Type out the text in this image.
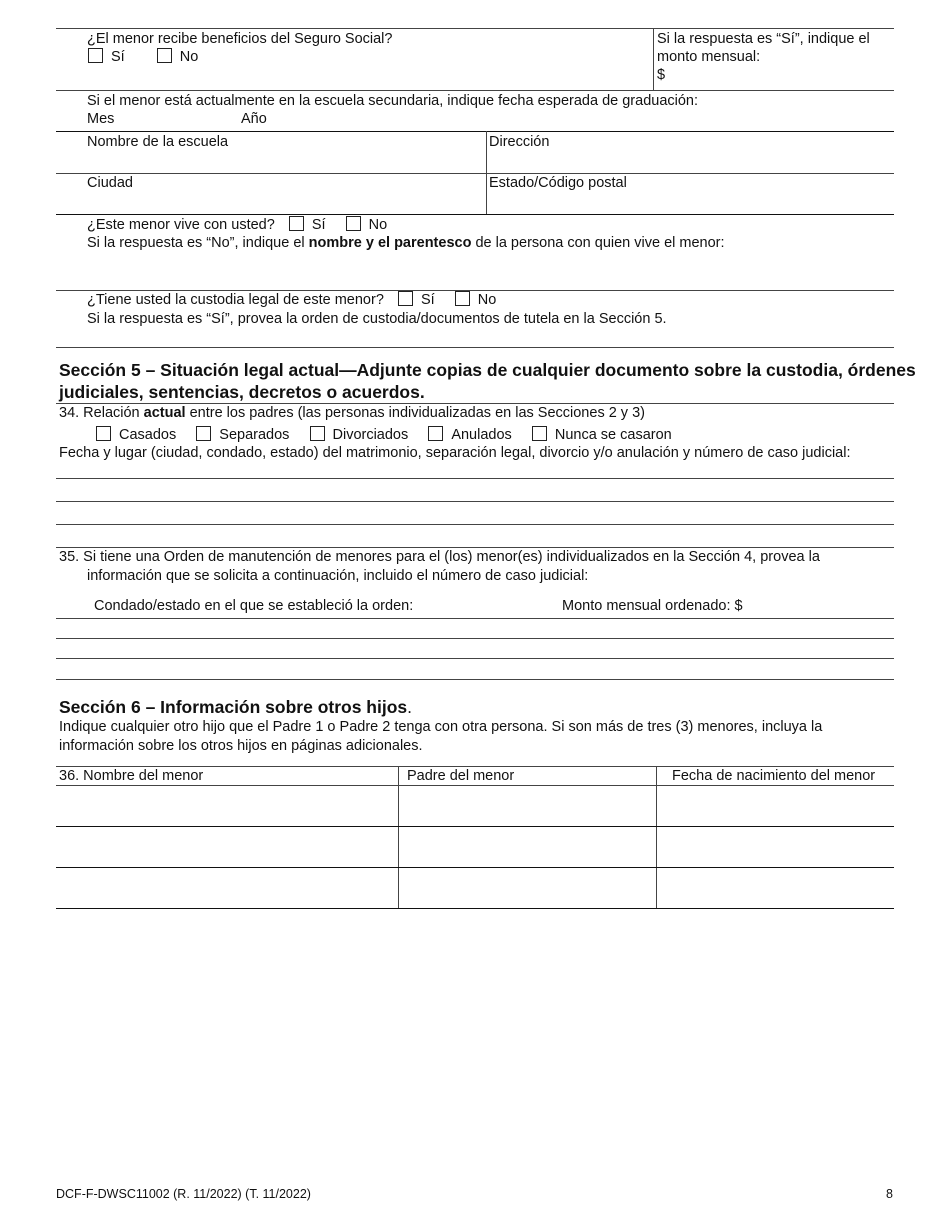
¿El menor recibe beneficios del Seguro Social?
Sí	No
Si la respuesta es “Sí”, indique el
monto mensual:
$
Si el menor está actualmente en la escuela secundaria, indique fecha esperada de graduación:
Mes	Año
Nombre de la escuela	Dirección
Ciudad	Estado/Código postal
¿Este menor vive con usted?	Sí	No
Si la respuesta es “No”, indique el nombre y el parentesco de la persona con quien vive el menor:
¿Tiene usted la custodia legal de este menor?	Sí	No
Si la respuesta es “Sí”, provea la orden de custodia/documentos de tutela en la Sección 5.
Sección 5 – Situación legal actual—Adjunte copias de cualquier documento sobre la custodia, órdenes
judiciales, sentencias, decretos o acuerdos.
34. Relación actual entre los padres (las personas individualizadas en las Secciones 2 y 3)
Casados	Separados	Divorciados	Anulados	Nunca se casaron
Fecha y lugar (ciudad, condado, estado) del matrimonio, separación legal, divorcio y/o anulación y número de caso judicial:
35. Si tiene una Orden de manutención de menores para el (los) menor(es) individualizados en la Sección 4, provea la
información que se solicita a continuación, incluido el número de caso judicial:
Condado/estado en el que se estableció la orden:	Monto mensual ordenado: $
Sección 6 – Información sobre otros hijos.
Indique cualquier otro hijo que el Padre 1 o Padre 2 tenga con otra persona. Si son más de tres (3) menores, incluya la
información sobre los otros hijos en páginas adicionales.
36. Nombre del menor	Padre del menor	Fecha de nacimiento del menor
DCF-F-DWSC11002 (R. 11/2022) (T. 11/2022)	8
